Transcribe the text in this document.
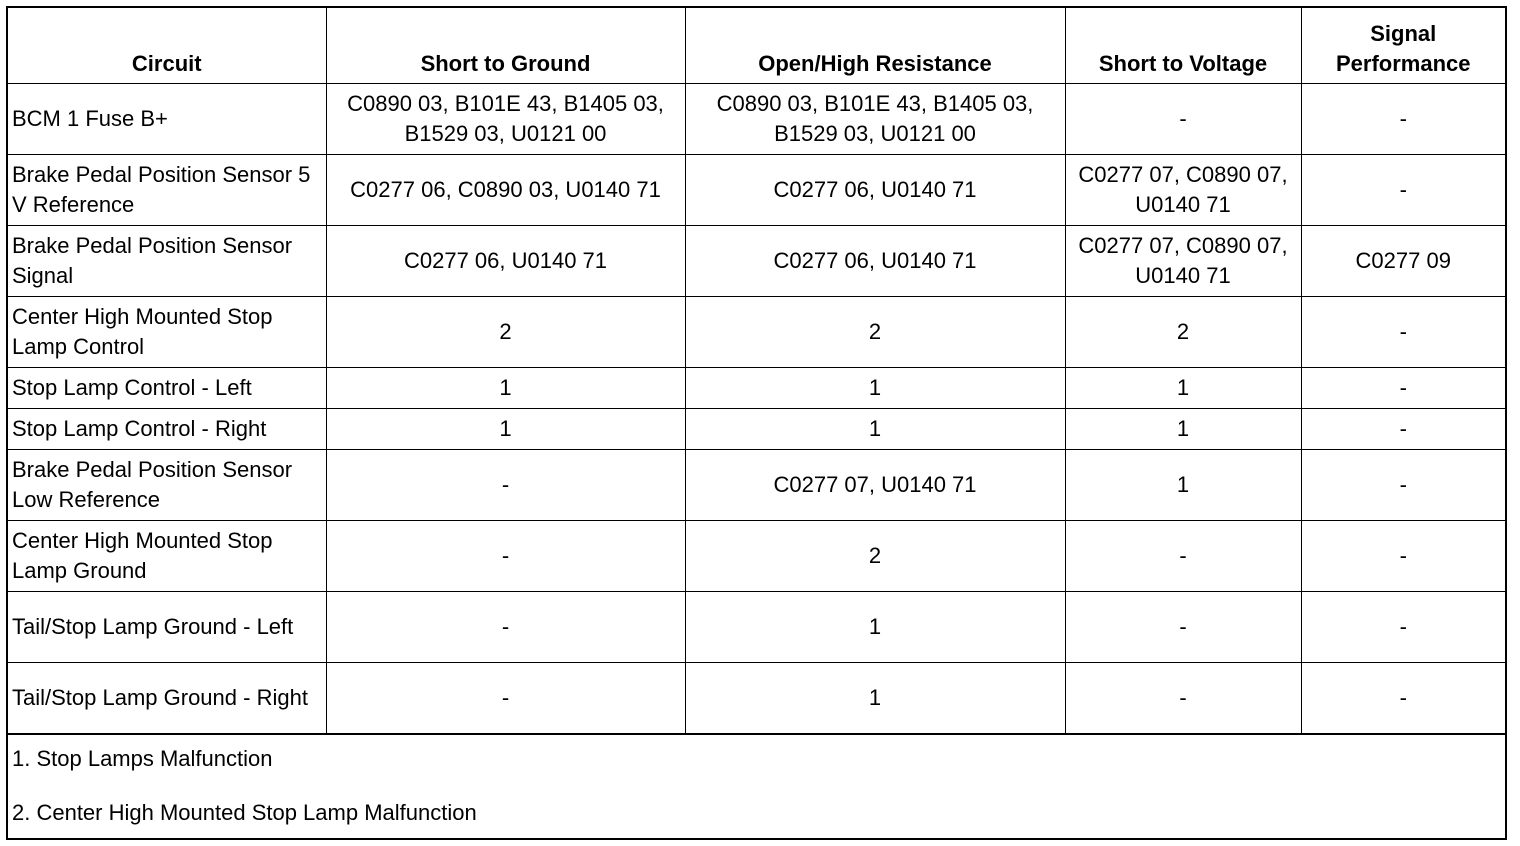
Circuit	Short to Ground	Open/High Resistance	Short to Voltage	Signal Performance
BCM 1 Fuse B+	C0890 03, B101E 43, B1405 03, B1529 03, U0121 00	C0890 03, B101E 43, B1405 03, B1529 03, U0121 00	-	-
Brake Pedal Position Sensor 5 V Reference	C0277 06, C0890 03, U0140 71	C0277 06, U0140 71	C0277 07, C0890 07, U0140 71	-
Brake Pedal Position Sensor Signal	C0277 06, U0140 71	C0277 06, U0140 71	C0277 07, C0890 07, U0140 71	C0277 09
Center High Mounted Stop Lamp Control	2	2	2	-
Stop Lamp Control - Left	1	1	1	-
Stop Lamp Control - Right	1	1	1	-
Brake Pedal Position Sensor Low Reference	-	C0277 07, U0140 71	1	-
Center High Mounted Stop Lamp Ground	-	2	-	-
Tail/Stop Lamp Ground - Left	-	1	-	-
Tail/Stop Lamp Ground - Right	-	1	-	-
1. Stop Lamps Malfunction
2. Center High Mounted Stop Lamp Malfunction
